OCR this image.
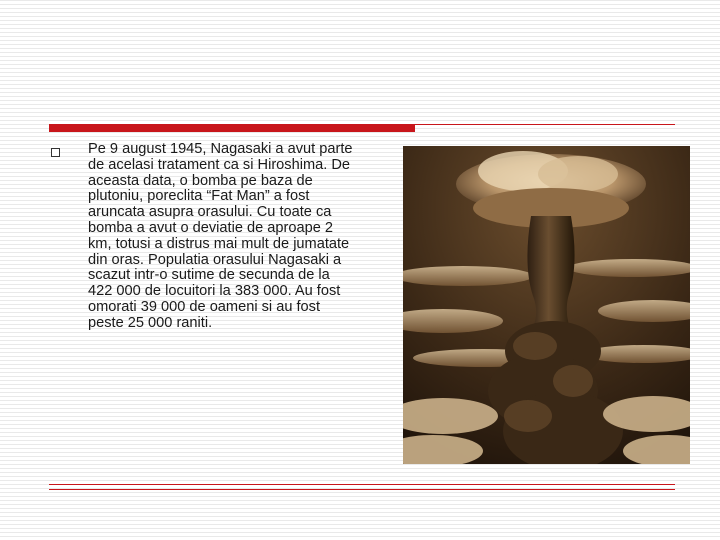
Pe 9 august 1945, Nagasaki a avut parte de acelasi tratament ca si Hiroshima. De aceasta data, o bomba pe baza de plutoniu, poreclita “Fat Man” a fost aruncata asupra orasului. Cu toate ca bomba a avut o deviatie de aproape 2 km, totusi a distrus mai mult de jumatate din oras. Populatia orasului Nagasaki a scazut intr-o sutime de secunda de la 422 000 de locuitori la 383 000. Au fost omorati 39 000 de oameni si au fost peste 25 000 raniti.
